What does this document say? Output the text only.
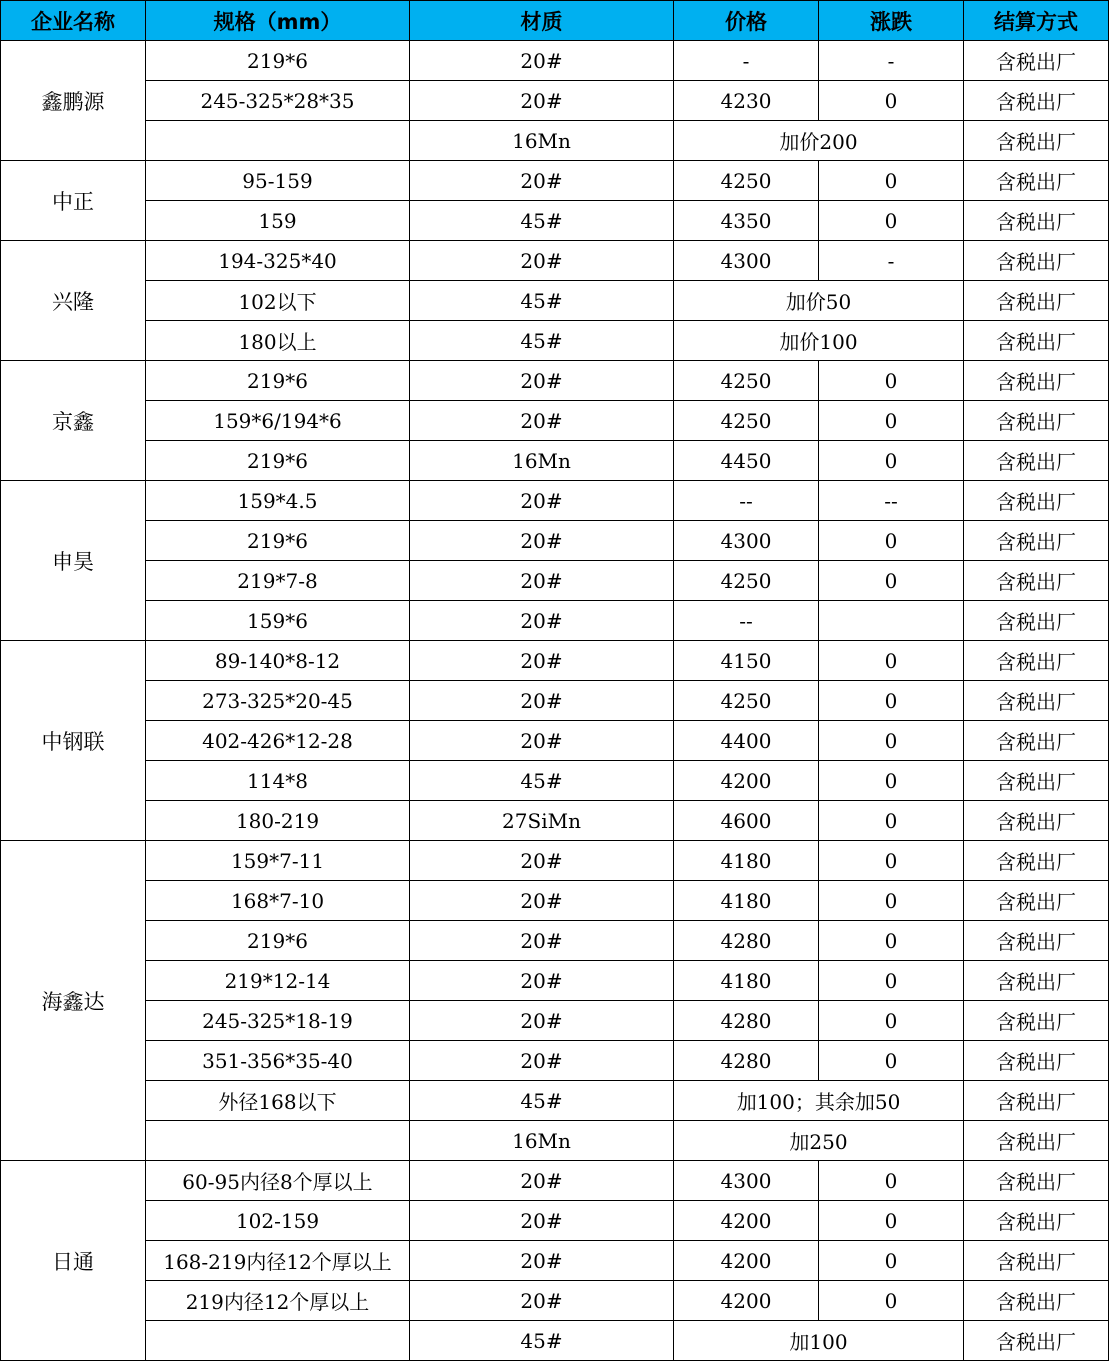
企业名称	规格（mm）	材质	价格	涨跌	结算方式
鑫鹏源	219*6	20#	-	-	含税出厂
	245-325*28*35	20#	4230	0	含税出厂
		16Mn	加价200		含税出厂
中正	95-159	20#	4250	0	含税出厂
	159	45#	4350	0	含税出厂
兴隆	194-325*40	20#	4300	-	含税出厂
	102以下	45#	加价50		含税出厂
	180以上	45#	加价100		含税出厂
京鑫	219*6	20#	4250	0	含税出厂
	159*6/194*6	20#	4250	0	含税出厂
	219*6	16Mn	4450	0	含税出厂
申昊	159*4.5	20#	--	--	含税出厂
	219*6	20#	4300	0	含税出厂
	219*7-8	20#	4250	0	含税出厂
	159*6	20#	--		含税出厂
中钢联	89-140*8-12	20#	4150	0	含税出厂
	273-325*20-45	20#	4250	0	含税出厂
	402-426*12-28	20#	4400	0	含税出厂
	114*8	45#	4200	0	含税出厂
	180-219	27SiMn	4600	0	含税出厂
海鑫达	159*7-11	20#	4180	0	含税出厂
	168*7-10	20#	4180	0	含税出厂
	219*6	20#	4280	0	含税出厂
	219*12-14	20#	4180	0	含税出厂
	245-325*18-19	20#	4280	0	含税出厂
	351-356*35-40	20#	4280	0	含税出厂
	外径168以下	45#	加100；其余加50		含税出厂
		16Mn	加250		含税出厂
日通	60-95内径8个厚以上	20#	4300	0	含税出厂
	102-159	20#	4200	0	含税出厂
	168-219内径12个厚以上	20#	4200	0	含税出厂
	219内径12个厚以上	20#	4200	0	含税出厂
		45#	加100		含税出厂
